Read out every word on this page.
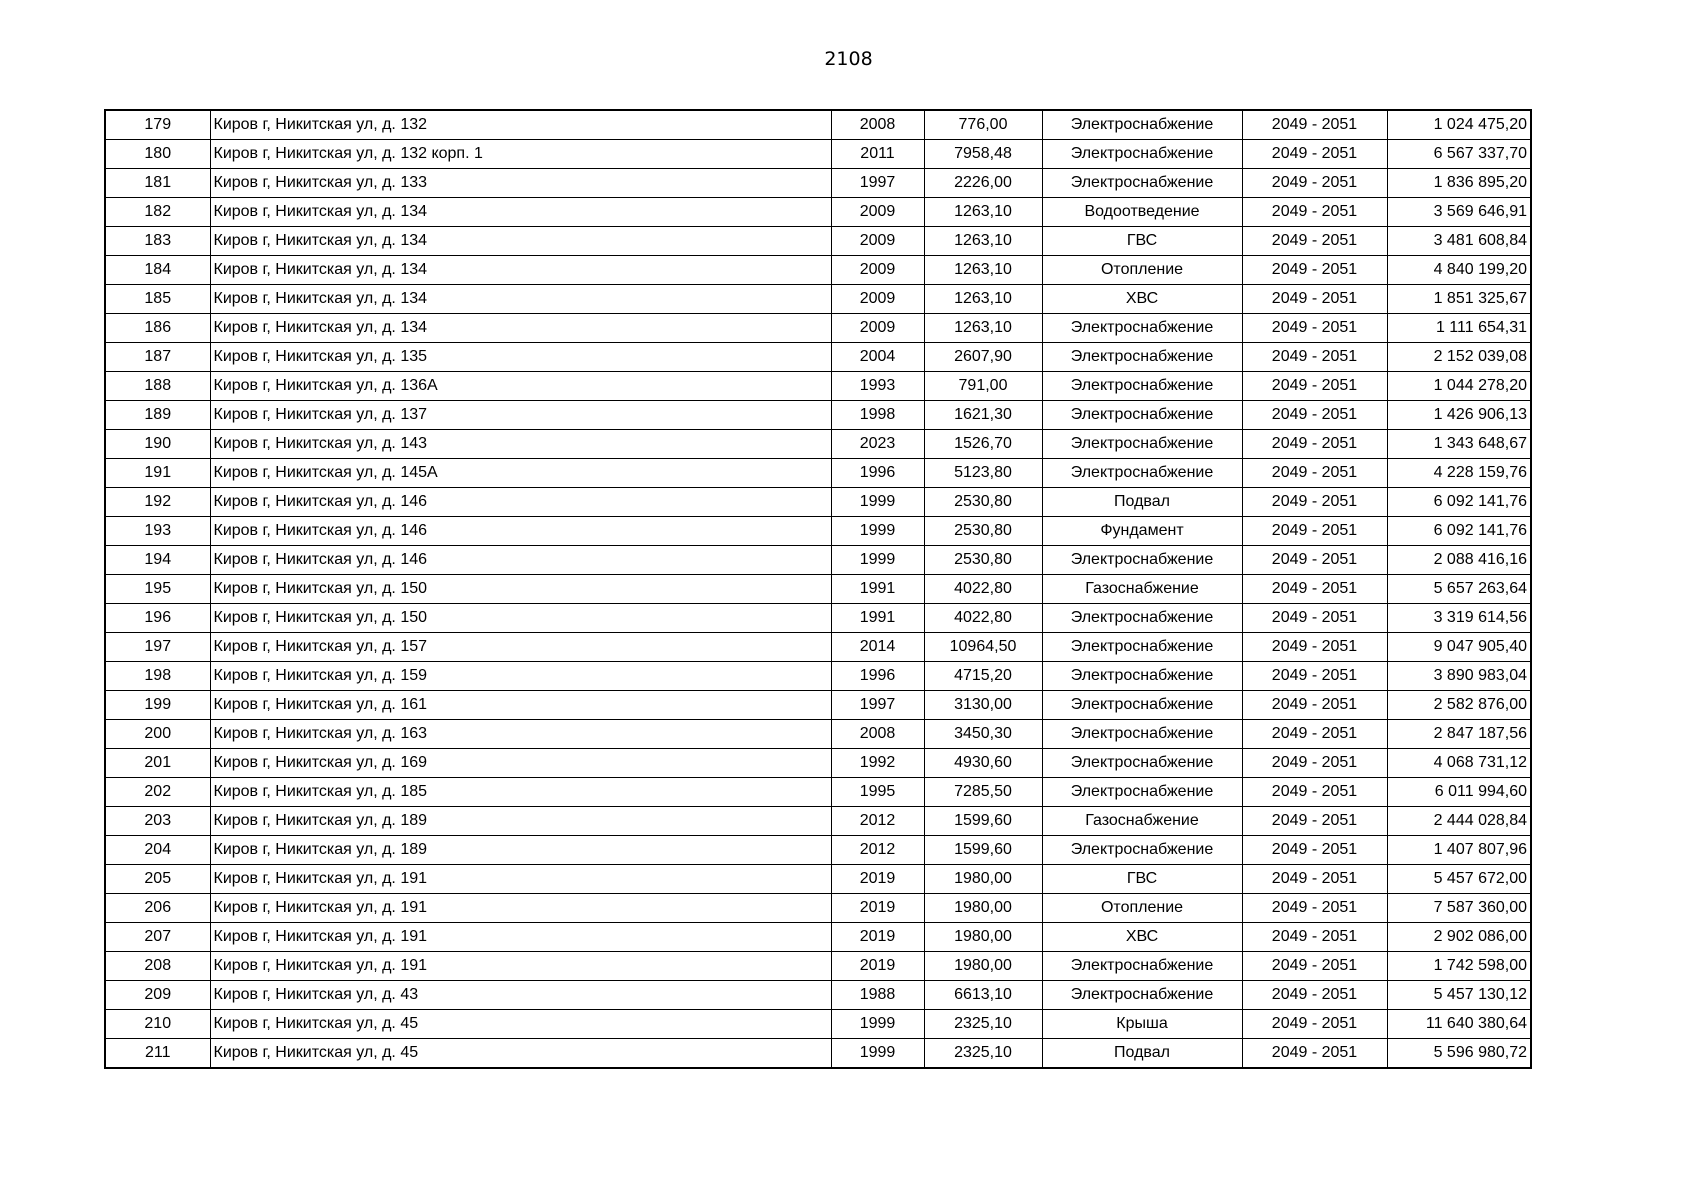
2108
179	Киров г, Никитская ул, д. 132	2008	776,00	Электроснабжение	2049 - 2051	1 024 475,20
180	Киров г, Никитская ул, д. 132 корп. 1	2011	7958,48	Электроснабжение	2049 - 2051	6 567 337,70
181	Киров г, Никитская ул, д. 133	1997	2226,00	Электроснабжение	2049 - 2051	1 836 895,20
182	Киров г, Никитская ул, д. 134	2009	1263,10	Водоотведение	2049 - 2051	3 569 646,91
183	Киров г, Никитская ул, д. 134	2009	1263,10	ГВС	2049 - 2051	3 481 608,84
184	Киров г, Никитская ул, д. 134	2009	1263,10	Отопление	2049 - 2051	4 840 199,20
185	Киров г, Никитская ул, д. 134	2009	1263,10	ХВС	2049 - 2051	1 851 325,67
186	Киров г, Никитская ул, д. 134	2009	1263,10	Электроснабжение	2049 - 2051	1 111 654,31
187	Киров г, Никитская ул, д. 135	2004	2607,90	Электроснабжение	2049 - 2051	2 152 039,08
188	Киров г, Никитская ул, д. 136А	1993	791,00	Электроснабжение	2049 - 2051	1 044 278,20
189	Киров г, Никитская ул, д. 137	1998	1621,30	Электроснабжение	2049 - 2051	1 426 906,13
190	Киров г, Никитская ул, д. 143	2023	1526,70	Электроснабжение	2049 - 2051	1 343 648,67
191	Киров г, Никитская ул, д. 145А	1996	5123,80	Электроснабжение	2049 - 2051	4 228 159,76
192	Киров г, Никитская ул, д. 146	1999	2530,80	Подвал	2049 - 2051	6 092 141,76
193	Киров г, Никитская ул, д. 146	1999	2530,80	Фундамент	2049 - 2051	6 092 141,76
194	Киров г, Никитская ул, д. 146	1999	2530,80	Электроснабжение	2049 - 2051	2 088 416,16
195	Киров г, Никитская ул, д. 150	1991	4022,80	Газоснабжение	2049 - 2051	5 657 263,64
196	Киров г, Никитская ул, д. 150	1991	4022,80	Электроснабжение	2049 - 2051	3 319 614,56
197	Киров г, Никитская ул, д. 157	2014	10964,50	Электроснабжение	2049 - 2051	9 047 905,40
198	Киров г, Никитская ул, д. 159	1996	4715,20	Электроснабжение	2049 - 2051	3 890 983,04
199	Киров г, Никитская ул, д. 161	1997	3130,00	Электроснабжение	2049 - 2051	2 582 876,00
200	Киров г, Никитская ул, д. 163	2008	3450,30	Электроснабжение	2049 - 2051	2 847 187,56
201	Киров г, Никитская ул, д. 169	1992	4930,60	Электроснабжение	2049 - 2051	4 068 731,12
202	Киров г, Никитская ул, д. 185	1995	7285,50	Электроснабжение	2049 - 2051	6 011 994,60
203	Киров г, Никитская ул, д. 189	2012	1599,60	Газоснабжение	2049 - 2051	2 444 028,84
204	Киров г, Никитская ул, д. 189	2012	1599,60	Электроснабжение	2049 - 2051	1 407 807,96
205	Киров г, Никитская ул, д. 191	2019	1980,00	ГВС	2049 - 2051	5 457 672,00
206	Киров г, Никитская ул, д. 191	2019	1980,00	Отопление	2049 - 2051	7 587 360,00
207	Киров г, Никитская ул, д. 191	2019	1980,00	ХВС	2049 - 2051	2 902 086,00
208	Киров г, Никитская ул, д. 191	2019	1980,00	Электроснабжение	2049 - 2051	1 742 598,00
209	Киров г, Никитская ул, д. 43	1988	6613,10	Электроснабжение	2049 - 2051	5 457 130,12
210	Киров г, Никитская ул, д. 45	1999	2325,10	Крыша	2049 - 2051	11 640 380,64
211	Киров г, Никитская ул, д. 45	1999	2325,10	Подвал	2049 - 2051	5 596 980,72
